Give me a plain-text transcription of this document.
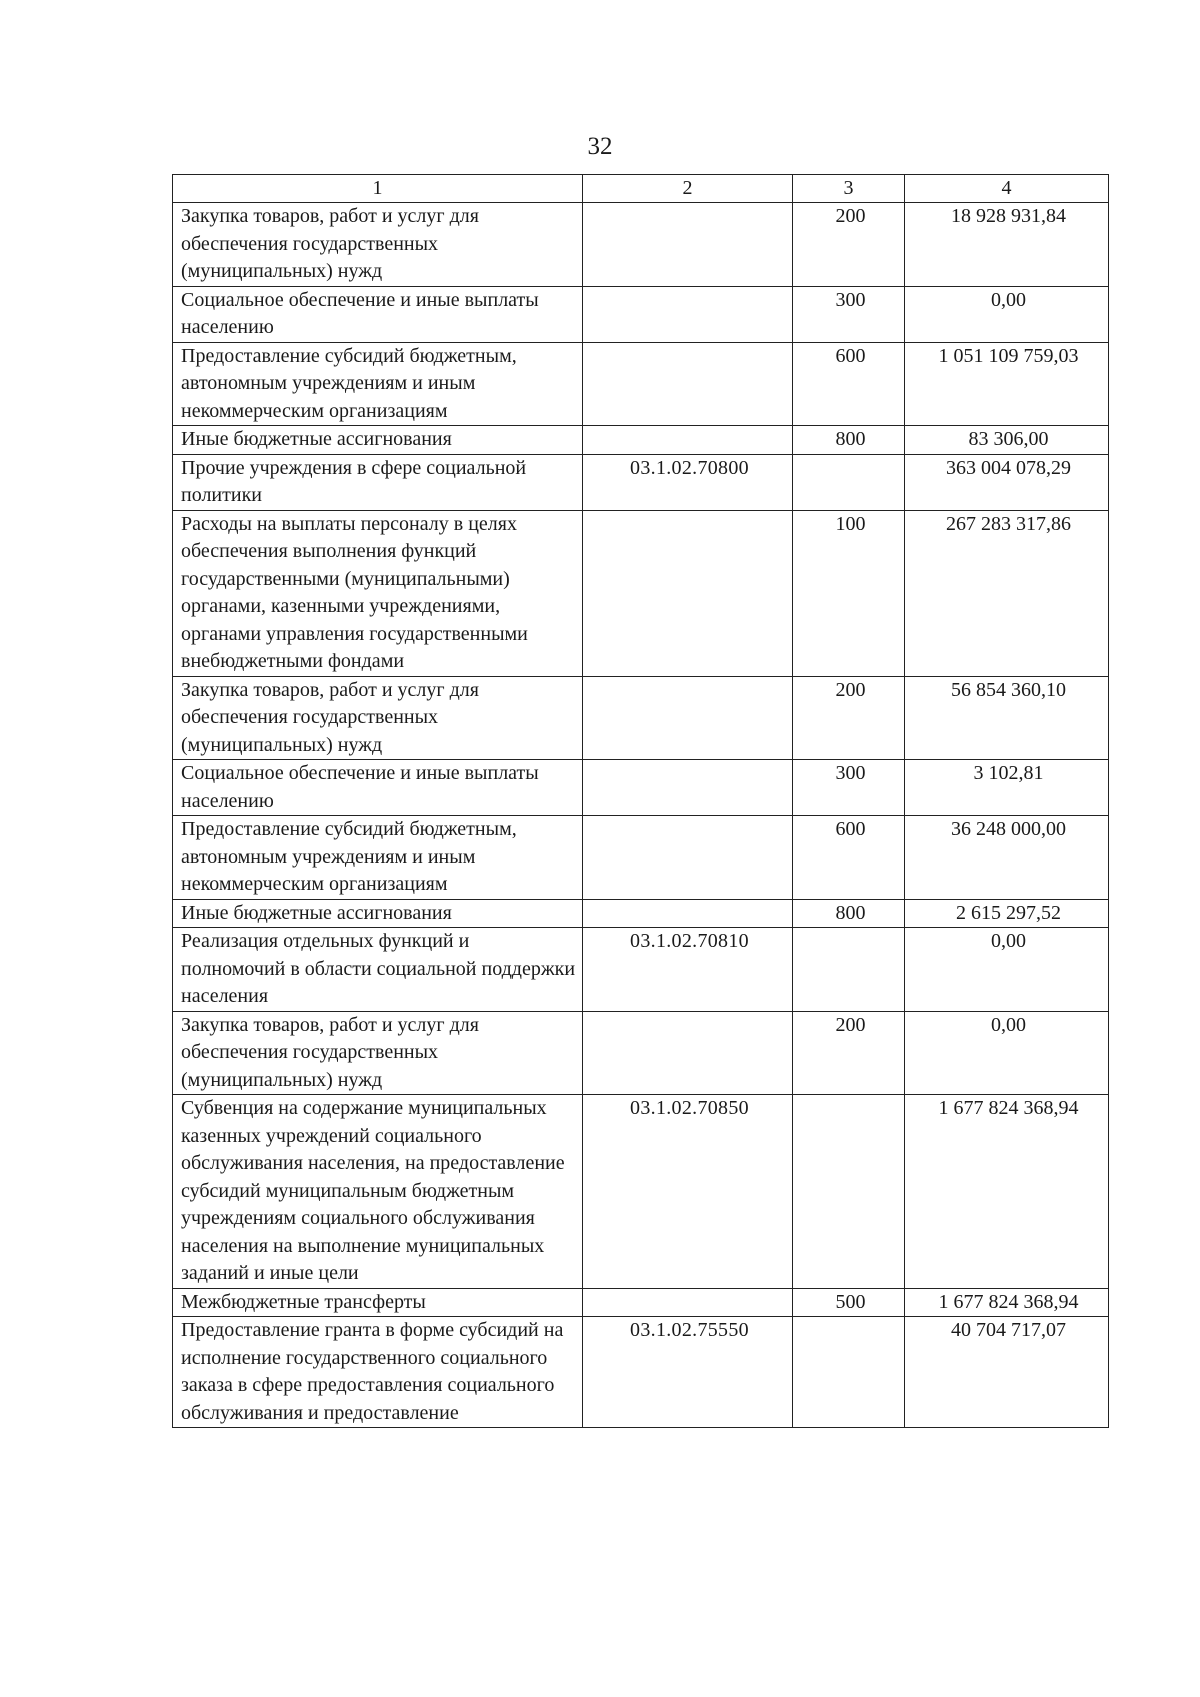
32
1	2	3	4
Закупка товаров, работ и услуг для обеспечения государственных (муниципальных) нужд		200	18 928 931,84
Социальное обеспечение и иные выплаты населению		300	0,00
Предоставление субсидий бюджетным, автономным учреждениям и иным некоммерческим организациям		600	1 051 109 759,03
Иные бюджетные ассигнования		800	83 306,00
Прочие учреждения в сфере социальной политики	03.1.02.70800		363 004 078,29
Расходы на выплаты персоналу в целях обеспечения выполнения функций государственными (муниципальными) органами, казенными учреждениями, органами управления государственными внебюджетными фондами		100	267 283 317,86
Закупка товаров, работ и услуг для обеспечения государственных (муниципальных) нужд		200	56 854 360,10
Социальное обеспечение и иные выплаты населению		300	3 102,81
Предоставление субсидий бюджетным, автономным учреждениям и иным некоммерческим организациям		600	36 248 000,00
Иные бюджетные ассигнования		800	2 615 297,52
Реализация отдельных функций и полномочий в области социальной поддержки населения	03.1.02.70810		0,00
Закупка товаров, работ и услуг для обеспечения государственных (муниципальных) нужд		200	0,00
Субвенция на содержание муниципальных казенных учреждений социального обслуживания населения, на предоставление субсидий муниципальным бюджетным учреждениям социального обслуживания населения на выполнение муниципальных заданий и иные цели	03.1.02.70850		1 677 824 368,94
Межбюджетные трансферты		500	1 677 824 368,94
Предоставление гранта в форме субсидий на исполнение государственного социального заказа в сфере предоставления социального обслуживания и предоставление	03.1.02.75550		40 704 717,07
